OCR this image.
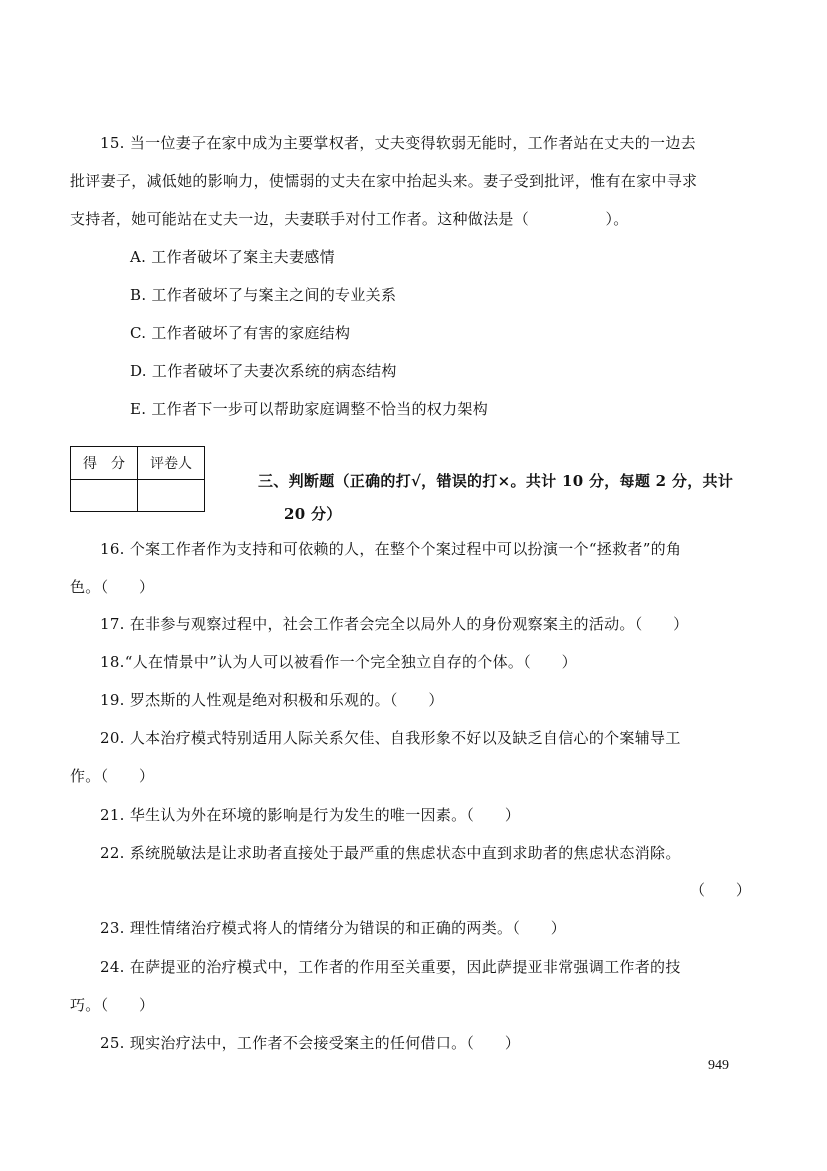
15. 当一位妻子在家中成为主要掌权者，丈夫变得软弱无能时，工作者站在丈夫的一边去
批评妻子，减低她的影响力，使懦弱的丈夫在家中抬起头来。妻子受到批评，惟有在家中寻求
支持者，她可能站在丈夫一边，夫妻联手对付工作者。这种做法是（　　　　　）。
A. 工作者破坏了案主夫妻感情
B. 工作者破坏了与案主之间的专业关系
C. 工作者破坏了有害的家庭结构
D. 工作者破坏了夫妻次系统的病态结构
E. 工作者下一步可以帮助家庭调整不恰当的权力架构
得　分	评卷人

三、判断题（正确的打√，错误的打×。共计 10 分，每题 2 分，共计
20 分）
16. 个案工作者作为支持和可依赖的人，在整个个案过程中可以扮演一个“拯救者”的角
色。（　　）
17. 在非参与观察过程中，社会工作者会完全以局外人的身份观察案主的活动。（　　）
18.“人在情景中”认为人可以被看作一个完全独立自存的个体。（　　）
19. 罗杰斯的人性观是绝对积极和乐观的。（　　）
20. 人本治疗模式特别适用人际关系欠佳、自我形象不好以及缺乏自信心的个案辅导工
作。（　　）
21. 华生认为外在环境的影响是行为发生的唯一因素。（　　）
22. 系统脱敏法是让求助者直接处于最严重的焦虑状态中直到求助者的焦虑状态消除。
（　　）
23. 理性情绪治疗模式将人的情绪分为错误的和正确的两类。（　　）
24. 在萨提亚的治疗模式中，工作者的作用至关重要，因此萨提亚非常强调工作者的技
巧。（　　）
25. 现实治疗法中，工作者不会接受案主的任何借口。（　　）
949
